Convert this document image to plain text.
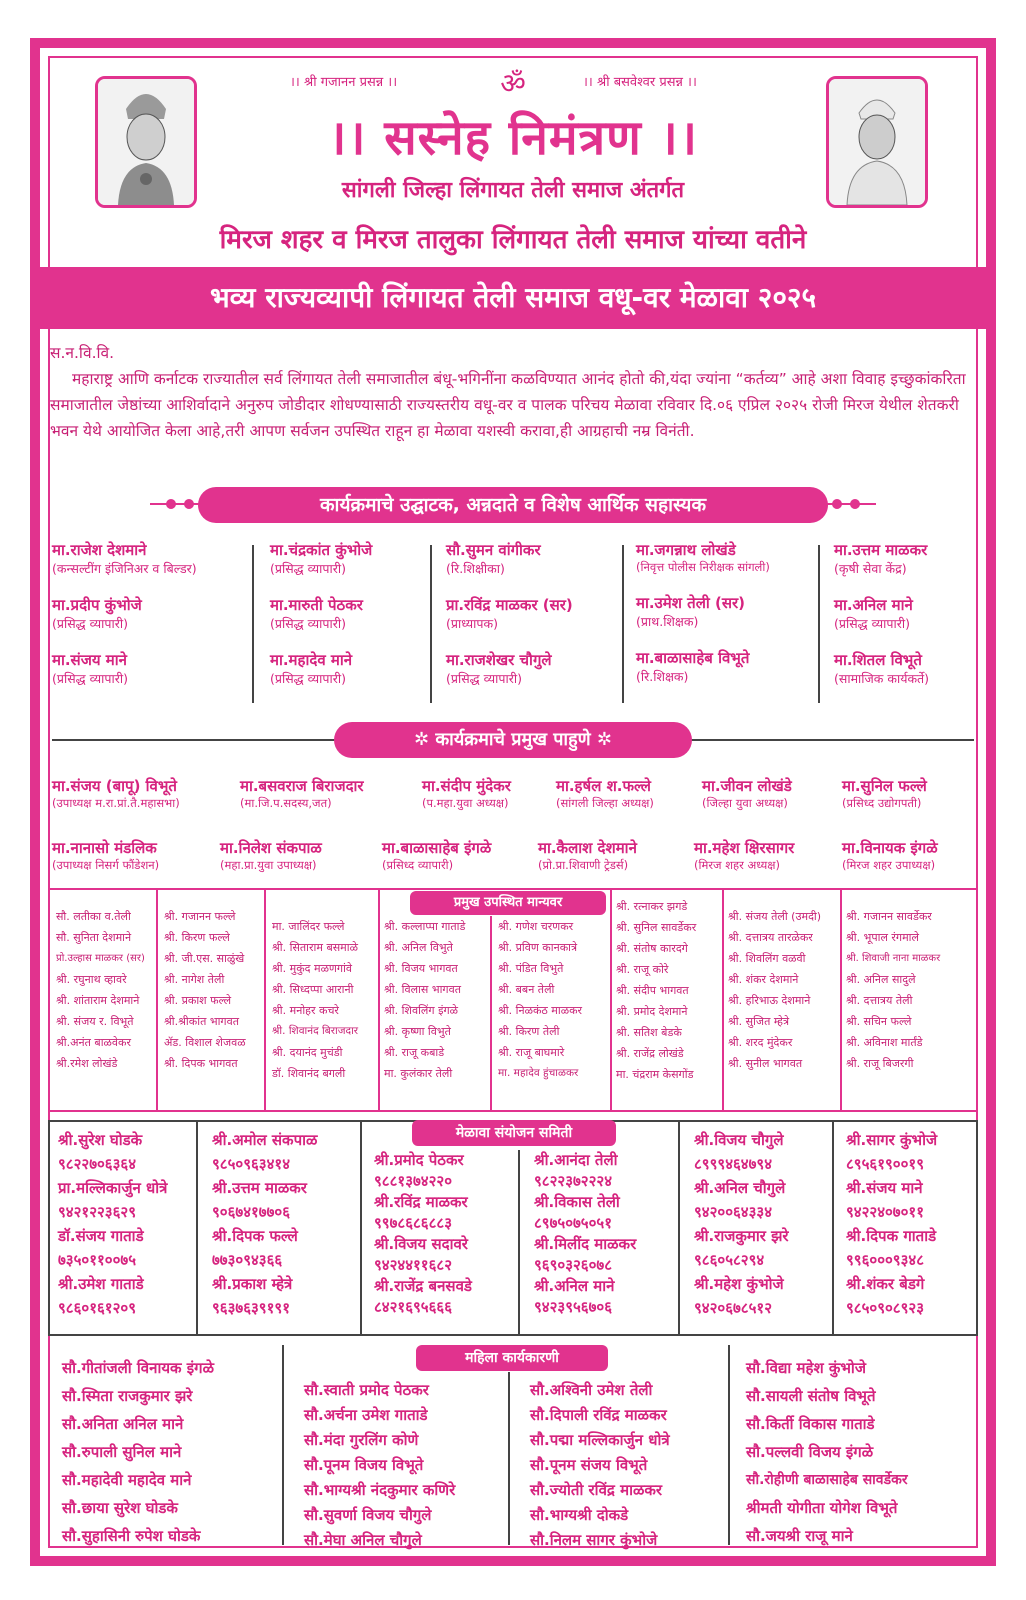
।। श्री गजानन प्रसन्न ।।	ॐ	।। श्री बसवेश्वर प्रसन्न ।।
।। सस्नेह निमंत्रण ।।
सांगली जिल्हा लिंगायत तेली समाज अंतर्गत
मिरज शहर व मिरज तालुका लिंगायत तेली समाज यांच्या वतीने
भव्य राज्यव्यापी लिंगायत तेली समाज वधू-वर मेळावा २०२५

स.न.वि.वि.

महाराष्ट्र आणि कर्नाटक राज्यातील सर्व लिंगायत तेली समाजातील बंधू-भगिनींना कळविण्यात आनंद होतो की,यंदा ज्यांना “कर्तव्य” आहे अशा विवाह इच्छुकांकरिता समाजातील जेष्ठांच्या आशिर्वादाने अनुरुप जोडीदार शोधण्यासाठी राज्यस्तरीय वधू-वर व पालक परिचय मेळावा रविवार दि.०६ एप्रिल २०२५ रोजी मिरज येथील शेतकरी भवन येथे आयोजित केला आहे,तरी आपण सर्वजन उपस्थित राहून हा मेळावा यशस्वी करावा,ही आग्रहाची नम्र विनंती.

कार्यक्रमाचे उद्घाटक, अन्नदाते व विशेष आर्थिक सहास्यक
मा.राजेश देशमाने
(कन्सल्टींग इंजिनिअर व बिल्डर)
मा.प्रदीप कुंभोजे
(प्रसिद्ध व्यापारी)
मा.संजय माने
(प्रसिद्ध व्यापारी)
मा.चंद्रकांत कुंभोजे
(प्रसिद्ध व्यापारी)
मा.मारुती पेठकर
(प्रसिद्ध व्यापारी)
मा.महादेव माने
(प्रसिद्ध व्यापारी)
सौ.सुमन वांगीकर
(रि.शिक्षीका)
प्रा.रविंद्र माळकर (सर)
(प्राध्यापक)
मा.राजशेखर चौगुले
(प्रसिद्ध व्यापारी)
मा.जगन्नाथ लोखंडे
(निवृत्त पोलीस निरीक्षक सांगली)
मा.उमेश तेली (सर)
(प्राथ.शिक्षक)
मा.बाळासाहेब विभूते
(रि.शिक्षक)
मा.उत्तम माळकर
(कृषी सेवा केंद्र)
मा.अनिल माने
(प्रसिद्ध व्यापारी)
मा.शितल विभूते
(सामाजिक कार्यकर्ते)
✲ कार्यक्रमाचे प्रमुख पाहुणे ✲
मा.संजय (बापू) विभूते
(उपाध्यक्ष म.रा.प्रां.तै.महासभा)
मा.बसवराज बिराजदार
(मा.जि.प.सदस्य,जत)
मा.संदीप मुंदेकर
(प.महा.युवा अध्यक्ष)
मा.हर्षल श.फल्ले
(सांगली जिल्हा अध्यक्ष)
मा.जीवन लोखंडे
(जिल्हा युवा अध्यक्ष)
मा.सुनिल फल्ले
(प्रसिध्द उद्योगपती)
मा.नानासो मंडलिक
(उपाध्यक्ष निसर्ग फौंडेशन)
मा.निलेश संकपाळ
(महा.प्रा.युवा उपाध्यक्ष)
मा.बाळासाहेब इंगळे
(प्रसिध्द व्यापारी)
मा.कैलाश देशमाने
(प्रो.प्रा.शिवाणी ट्रेडर्स)
मा.महेश क्षिरसागर
(मिरज शहर अध्यक्ष)
मा.विनायक इंगळे
(मिरज शहर उपाध्यक्ष)
प्रमुख उपस्थित मान्यवर
सौ. लतीका व.तेली
सौ. सुनिता देशमाने
प्रो.उल्हास माळकर (सर)
श्री. रघुनाथ व्हावरे
श्री. शांताराम देशमाने
श्री. संजय र. विभूते
श्री.अनंत बाळवेकर
श्री.रमेश लोखंडे
श्री. गजानन फल्ले
श्री. किरण फल्ले
श्री. जी.एस. साळुंखे
श्री. नागेश तेली
श्री. प्रकाश फल्ले
श्री.श्रीकांत भागवत
ॲड. विशाल शेजवळ
श्री. दिपक भागवत
मा. जालिंदर फल्ले
श्री. सिताराम बसमाळे
श्री. मुकुंद मळणगांवे
श्री. सिध्दप्पा आरानी
श्री. मनोहर कचरे
श्री. शिवानंद बिराजदार
श्री. दयानंद मुचंडी
डॉ. शिवानंद बगली
श्री. कल्लाप्पा गाताडे
श्री. अनिल विभुते
श्री. विजय भागवत
श्री. विलास भागवत
श्री. शिवलिंग इंगळे
श्री. कृष्णा विभुते
श्री. राजू कबाडे
मा. कुलंकार तेली
श्री. गणेश चरणकर
श्री. प्रविण कानकात्रे
श्री. पंडित विभुते
श्री. बबन तेली
श्री. निळकंठ माळकर
श्री. किरण तेली
श्री. राजू बाघमारे
मा. महादेव हुंचाळकर
श्री. रत्नाकर झगडे
श्री. सुनिल सावर्डेकर
श्री. संतोष कारदगे
श्री. राजू कोरे
श्री. संदीप भागवत
श्री. प्रमोद देशमाने
श्री. सतिश बेडके
श्री. राजेंद्र लोखंडे
मा. चंद्रराम केसगोंड
श्री. संजय तेली (उमदी)
श्री. दत्तात्रय तारळेकर
श्री. शिवलिंग वळवी
श्री. शंकर देशमाने
श्री. हरिभाऊ देशमाने
श्री. सुजित म्हेत्रे
श्री. शरद मुंदेकर
श्री. सुनील भागवत
श्री. गजानन सावर्डेकर
श्री. भूपाल रंगमाले
श्री. शिवाजी नाना माळकर
श्री. अनिल सादुले
श्री. दत्तात्रय तेली
श्री. सचिन फल्ले
श्री. अविनाश मार्तंडे
श्री. राजू बिजरगी
मेळावा संयोजन समिती
श्री.सुरेश घोडके
९८२२७०६३६४
प्रा.मल्लिकार्जुन धोत्रे
९४२१२२३६२९
डॉ.संजय गाताडे
७३५०११००७५
श्री.उमेश गाताडे
९८६०१६१२०९
श्री.अमोल संकपाळ
९८५०९६३४१४
श्री.उत्तम माळकर
९०६७४१७७०६
श्री.दिपक फल्ले
७७३०९४३६६
श्री.प्रकाश म्हेत्रे
९६३७६३९१९१
श्री.प्रमोद पेठकर
९८८१३७४२२०
श्री.रविंद्र माळकर
९९७८६८६८८३
श्री.विजय सदावरे
९४२४४११६८२
श्री.राजेंद्र बनसवडे
८४२१६९५६६६
श्री.आनंदा तेली
९८२२३७२२२४
श्री.विकास तेली
८९७५०७५०५१
श्री.मिलींद माळकर
९६९०३२६०७८
श्री.अनिल माने
९४२३९५६७०६
श्री.विजय चौगुले
८९९९४६४७९४
श्री.अनिल चौगुले
९४२००६४३३४
श्री.राजकुमार झरे
९८६०५८२९४
श्री.महेश कुंभोजे
९४२०६७८५१२
श्री.सागर कुंभोजे
८९५६१९००१९
श्री.संजय माने
९४२२४०७०११
श्री.दिपक गाताडे
९९६०००९३४८
श्री.शंकर बेडगे
९८५०९०८९२३
महिला कार्यकारणी
सौ.गीतांजली विनायक इंगळे
सौ.स्मिता राजकुमार झरे
सौ.अनिता अनिल माने
सौ.रुपाली सुनिल माने
सौ.महादेवी महादेव माने
सौ.छाया सुरेश घोडके
सौ.सुहासिनी रुपेश घोडके
सौ.स्वाती प्रमोद पेठकर
सौ.अर्चना उमेश गाताडे
सौ.मंदा गुरलिंग कोणे
सौ.पूनम विजय विभूते
सौ.भाग्यश्री नंदकुमार कणिरे
सौ.सुवर्णा विजय चौगुले
सौ.मेघा अनिल चौगुले
सौ.अश्विनी उमेश तेली
सौ.दिपाली रविंद्र माळकर
सौ.पद्मा मल्लिकार्जुन धोत्रे
सौ.पूनम संजय विभूते
सौ.ज्योती रविंद्र माळकर
सौ.भाग्यश्री दोकडे
सौ.निलम सागर कुंभोजे
सौ.विद्या महेश कुंभोजे
सौ.सायली संतोष विभूते
सौ.किर्ती विकास गाताडे
सौ.पल्लवी विजय इंगळे
सौ.रोहीणी बाळासाहेब सावर्डेकर
श्रीमती योगीता योगेश विभूते
सौ.जयश्री राजू माने
